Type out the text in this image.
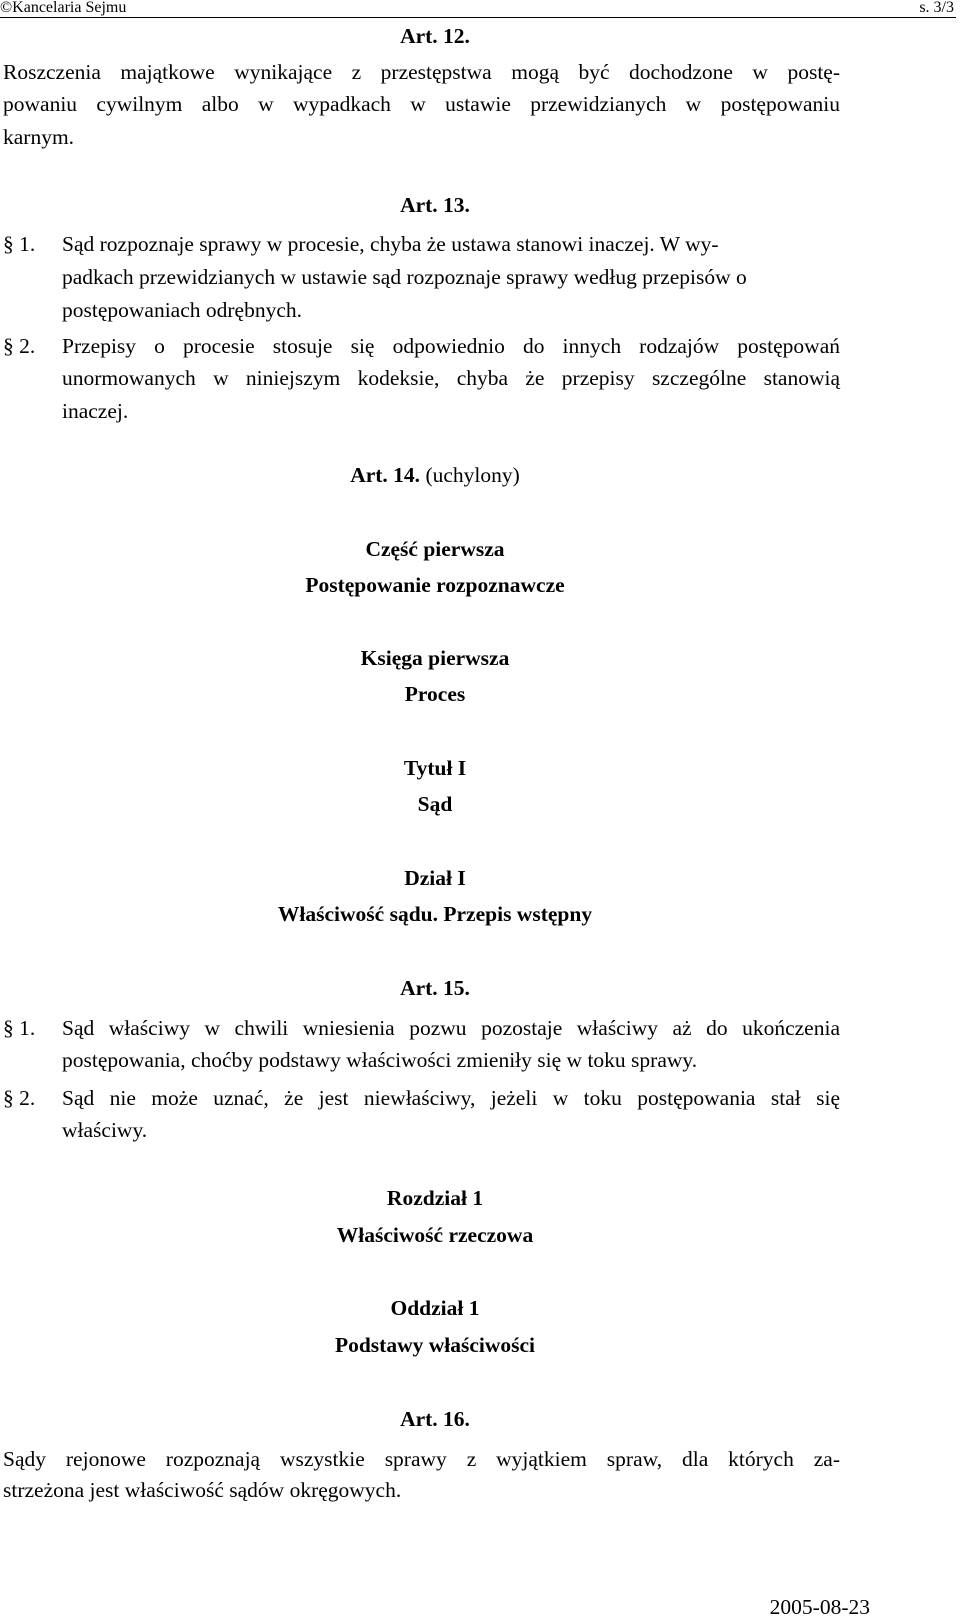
©Kancelaria Sejmu	s. 3/3
Art. 12.
Roszczenia majątkowe wynikające z przestępstwa mogą być dochodzone w postę-
powaniu cywilnym albo w wypadkach w ustawie przewidzianych w postępowaniu
karnym.
Art. 13.
§ 1. Sąd rozpoznaje sprawy w procesie, chyba że ustawa stanowi inaczej. W wy-
padkach przewidzianych w ustawie sąd rozpoznaje sprawy według przepisów o
postępowaniach odrębnych.
§ 2. Przepisy o procesie stosuje się odpowiednio do innych rodzajów postępowań
unormowanych w niniejszym kodeksie, chyba że przepisy szczególne stanowią
inaczej.
Art. 14. (uchylony)
Część pierwsza
Postępowanie rozpoznawcze
Księga pierwsza
Proces
Tytuł I
Sąd
Dział I
Właściwość sądu. Przepis wstępny
Art. 15.
§ 1. Sąd właściwy w chwili wniesienia pozwu pozostaje właściwy aż do ukończenia
postępowania, choćby podstawy właściwości zmieniły się w toku sprawy.
§ 2. Sąd nie może uznać, że jest niewłaściwy, jeżeli w toku postępowania stał się
właściwy.
Rozdział 1
Właściwość rzeczowa
Oddział 1
Podstawy właściwości
Art. 16.
Sądy rejonowe rozpoznają wszystkie sprawy z wyjątkiem spraw, dla których za-
strzeżona jest właściwość sądów okręgowych.
2005-08-23
